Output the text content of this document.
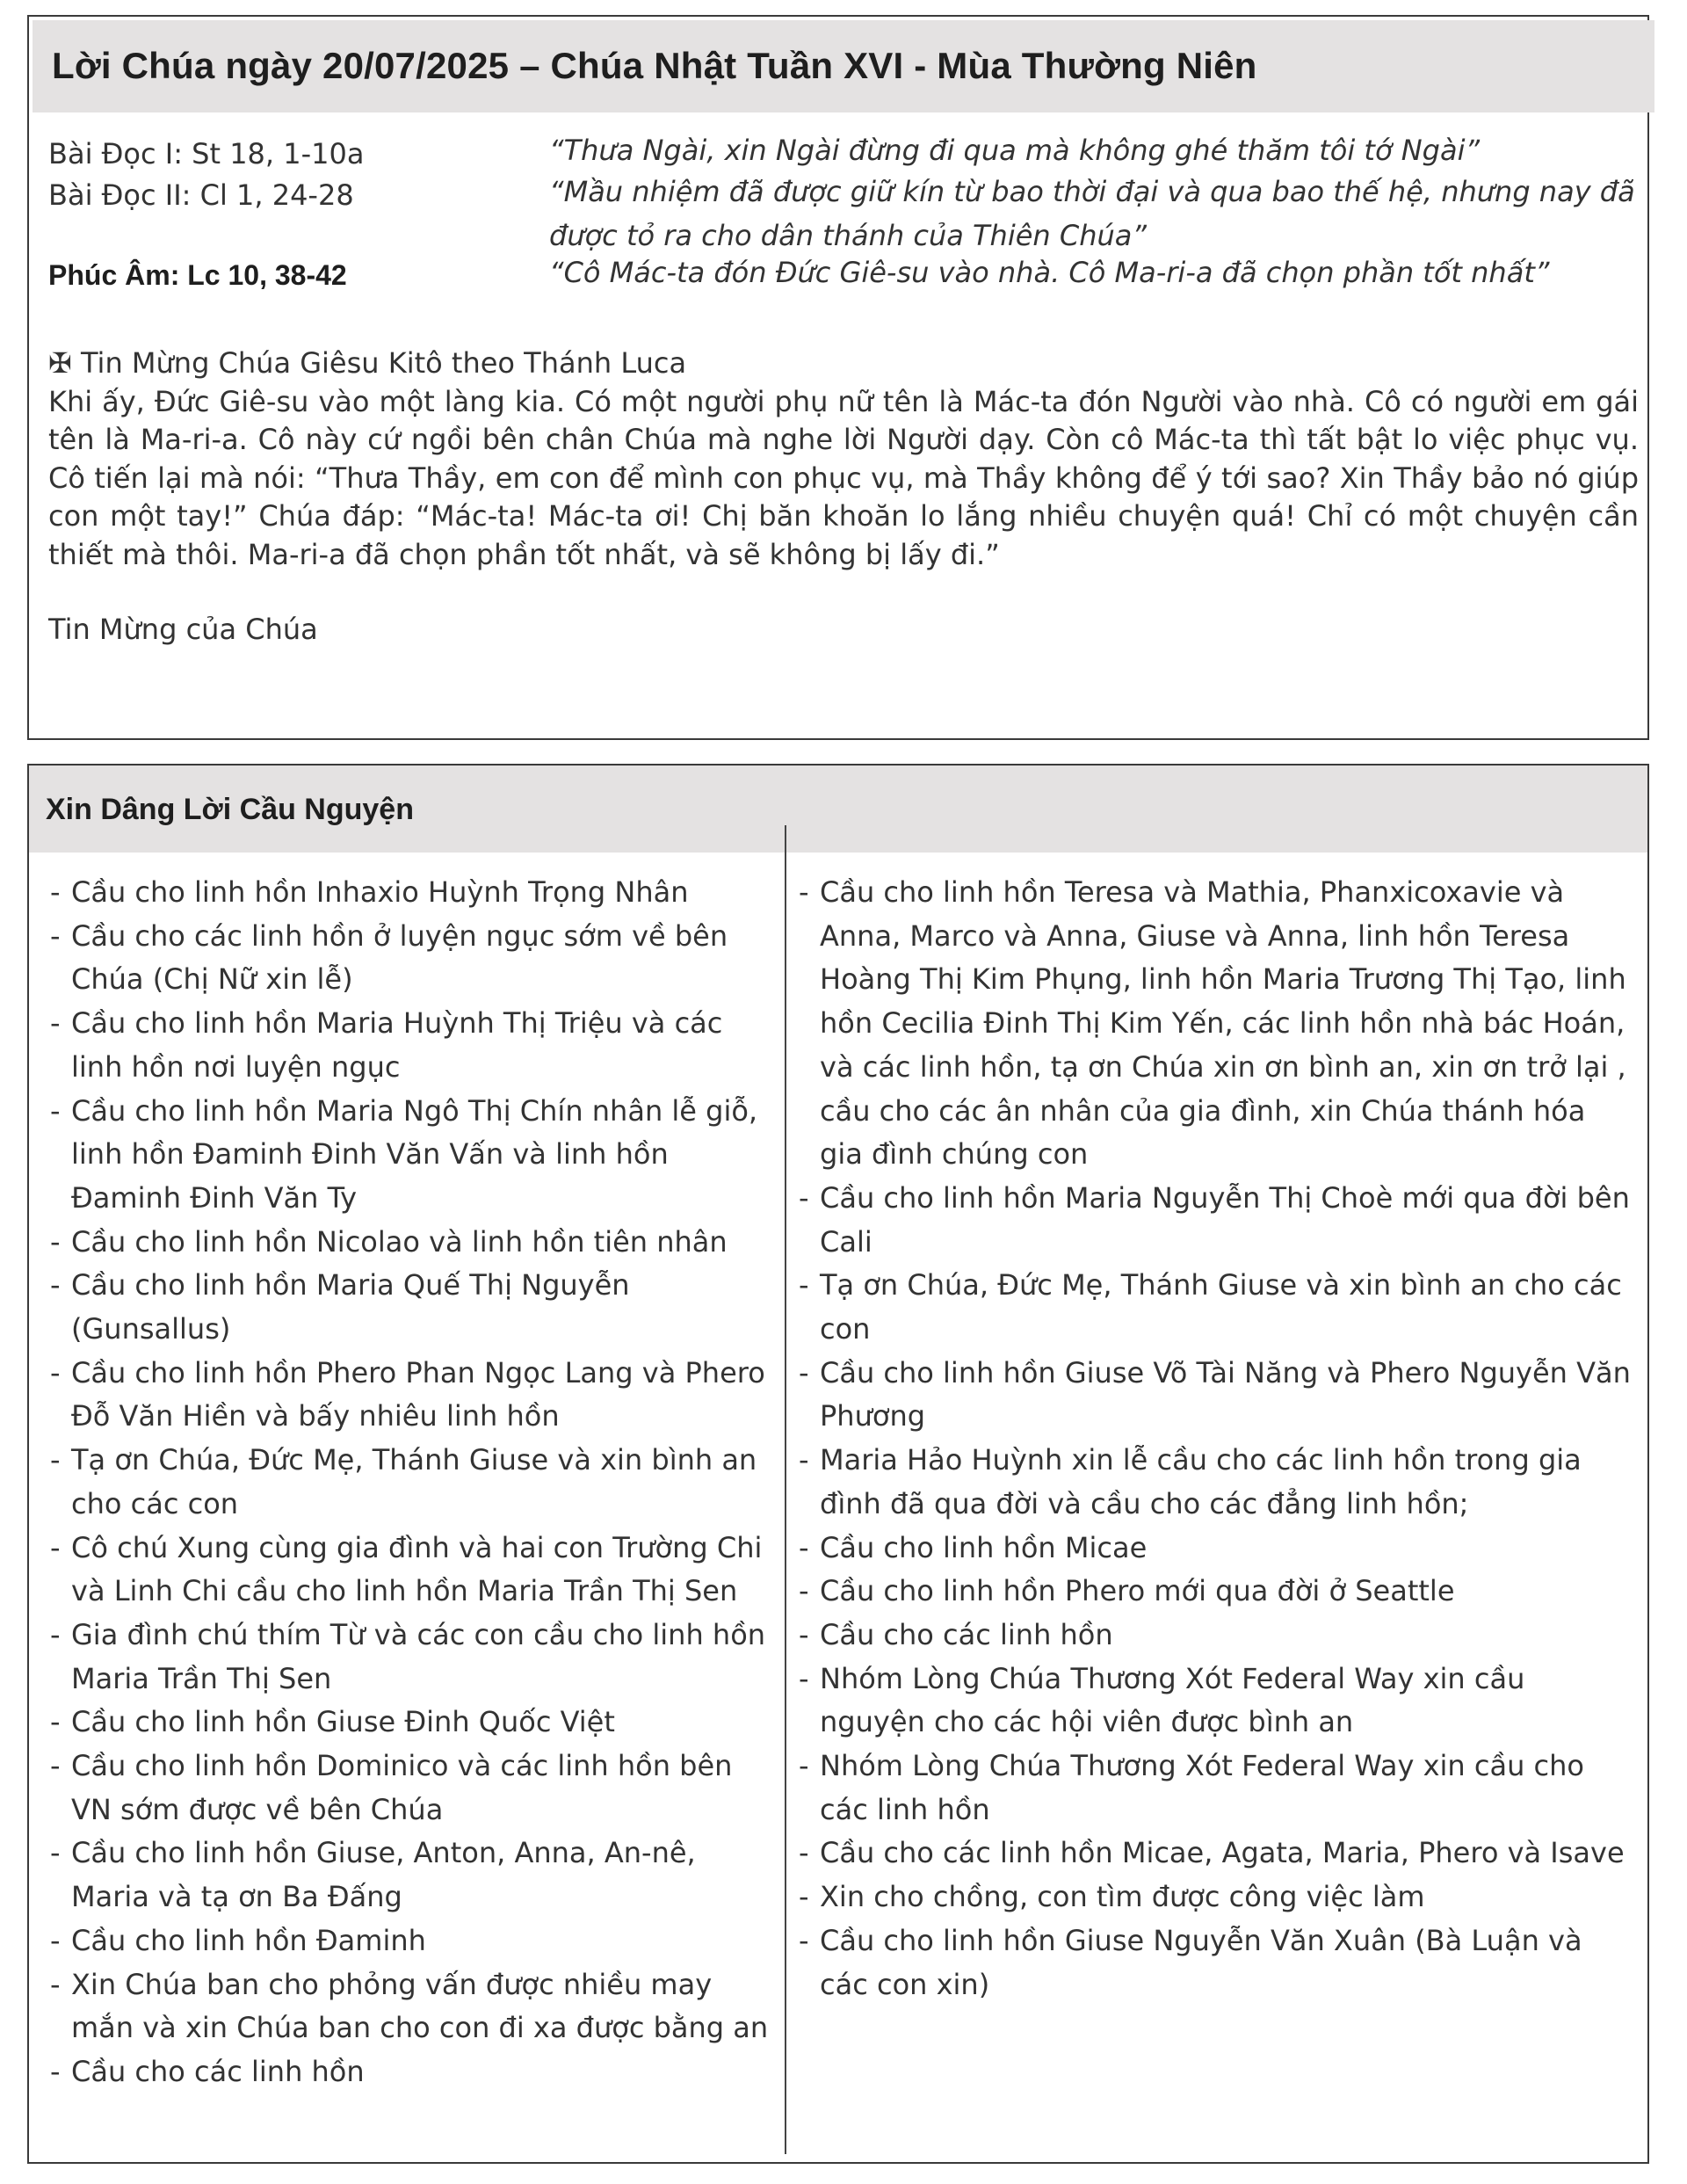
Lời Chúa ngày 20/07/2025 – Chúa Nhật Tuần XVI - Mùa Thường Niên
Bài Đọc I: St 18, 1-10a	“Thưa Ngài, xin Ngài đừng đi qua mà không ghé thăm tôi tớ Ngài”
Bài Đọc II: Cl 1, 24-28	“Mầu nhiệm đã được giữ kín từ bao thời đại và qua bao thế hệ, nhưng nay đã được tỏ ra cho dân thánh của Thiên Chúa”
Phúc Âm: Lc 10, 38-42	“Cô Mác-ta đón Đức Giê-su vào nhà. Cô Ma-ri-a đã chọn phần tốt nhất”

✠ Tin Mừng Chúa Giêsu Kitô theo Thánh Luca

Khi ấy, Đức Giê-su vào một làng kia. Có một người phụ nữ tên là Mác-ta đón Người vào nhà. Cô có người em gái tên là Ma-ri-a. Cô này cứ ngồi bên chân Chúa mà nghe lời Người dạy. Còn cô Mác-ta thì tất bật lo việc phục vụ. Cô tiến lại mà nói: “Thưa Thầy, em con để mình con phục vụ, mà Thầy không để ý tới sao? Xin Thầy bảo nó giúp con một tay!” Chúa đáp: “Mác-ta! Mác-ta ơi! Chị băn khoăn lo lắng nhiều chuyện quá! Chỉ có một chuyện cần thiết mà thôi. Ma-ri-a đã chọn phần tốt nhất, và sẽ không bị lấy đi.”

Tin Mừng của Chúa
Xin Dâng Lời Cầu Nguyện
- Cầu cho linh hồn Inhaxio Huỳnh Trọng Nhân
- Cầu cho các linh hồn ở luyện ngục sớm về bên Chúa (Chị Nữ xin lễ)
- Cầu cho linh hồn Maria Huỳnh Thị Triệu và các linh hồn nơi luyện ngục
- Cầu cho linh hồn Maria Ngô Thị Chín nhân lễ giỗ, linh hồn Đaminh Đinh Văn Vấn và linh hồn Đaminh Đinh Văn Ty
- Cầu cho linh hồn Nicolao và linh hồn tiên nhân
- Cầu cho linh hồn Maria Quế Thị Nguyễn (Gunsallus)
- Cầu cho linh hồn Phero Phan Ngọc Lang và Phero Đỗ Văn Hiền và bấy nhiêu linh hồn
- Tạ ơn Chúa, Đức Mẹ, Thánh Giuse và xin bình an cho các con
- Cô chú Xung cùng gia đình và hai con Trường Chi và Linh Chi cầu cho linh hồn Maria Trần Thị Sen
- Gia đình chú thím Từ và các con cầu cho linh hồn Maria Trần Thị Sen
- Cầu cho linh hồn Giuse Đinh Quốc Việt
- Cầu cho linh hồn Dominico và các linh hồn bên VN sớm được về bên Chúa
- Cầu cho linh hồn Giuse, Anton, Anna, An-nê, Maria và tạ ơn Ba Đấng
- Cầu cho linh hồn Đaminh
- Xin Chúa ban cho phỏng vấn được nhiều may mắn và xin Chúa ban cho con đi xa được bằng an
- Cầu cho các linh hồn
- Cầu cho linh hồn Teresa và Mathia, Phanxicoxavie và Anna, Marco và Anna, Giuse và Anna, linh hồn Teresa Hoàng Thị Kim Phụng, linh hồn Maria Trương Thị Tạo, linh hồn Cecilia Đinh Thị Kim Yến, các linh hồn nhà bác Hoán, và các linh hồn, tạ ơn Chúa xin ơn bình an, xin ơn trở lại , cầu cho các ân nhân của gia đình, xin Chúa thánh hóa gia đình chúng con
- Cầu cho linh hồn Maria Nguyễn Thị Choè mới qua đời bên Cali
- Tạ ơn Chúa, Đức Mẹ, Thánh Giuse và xin bình an cho các con
- Cầu cho linh hồn Giuse Võ Tài Năng và Phero Nguyễn Văn Phương
- Maria Hảo Huỳnh xin lễ cầu cho các linh hồn trong gia đình đã qua đời và cầu cho các đẳng linh hồn;
- Cầu cho linh hồn Micae
- Cầu cho linh hồn Phero mới qua đời ở Seattle
- Cầu cho các linh hồn
- Nhóm Lòng Chúa Thương Xót Federal Way xin cầu nguyện cho các hội viên được bình an
- Nhóm Lòng Chúa Thương Xót Federal Way xin cầu cho các linh hồn
- Cầu cho các linh hồn Micae, Agata, Maria, Phero và Isave
- Xin cho chồng, con tìm được công việc làm
- Cầu cho linh hồn Giuse Nguyễn Văn Xuân (Bà Luận và các con xin)
